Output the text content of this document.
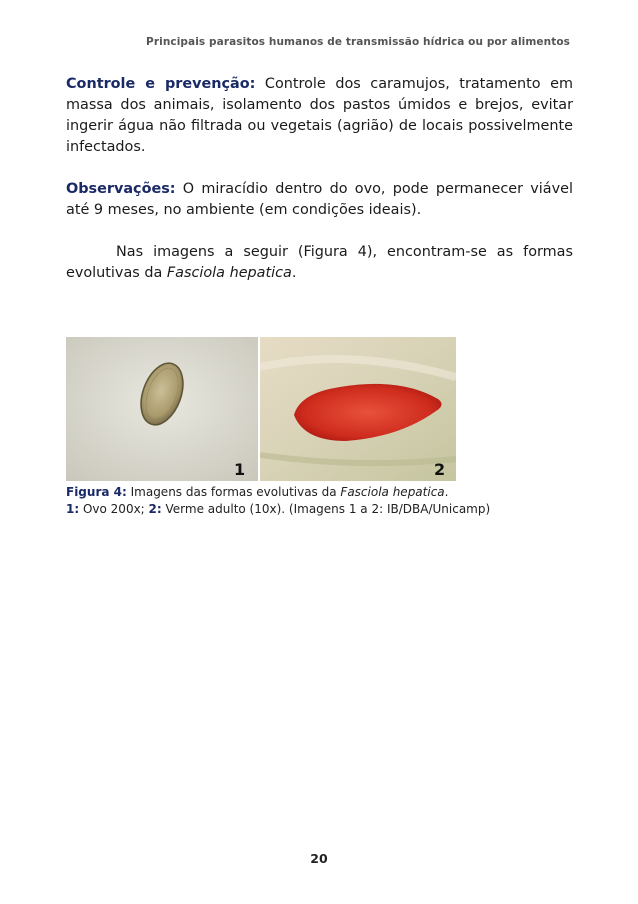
Principais parasitos humanos de transmissão hídrica ou por alimentos

Controle e prevenção: Controle dos caramujos, tratamento em massa dos animais, isolamento dos pastos úmidos e brejos, evitar ingerir água não filtrada ou vegetais (agrião) de locais possivelmente infectados.

Observações: O miracídio dentro do ovo, pode permanecer viável até 9 meses, no ambiente (em condições ideais).

Nas imagens a seguir (Figura 4), encontram-se as formas evolutivas da Fasciola hepatica.

1	2
Figura 4: Imagens das formas evolutivas da Fasciola hepatica.
1: Ovo 200x; 2: Verme adulto (10x). (Imagens 1 a 2: IB/DBA/Unicamp)
20
